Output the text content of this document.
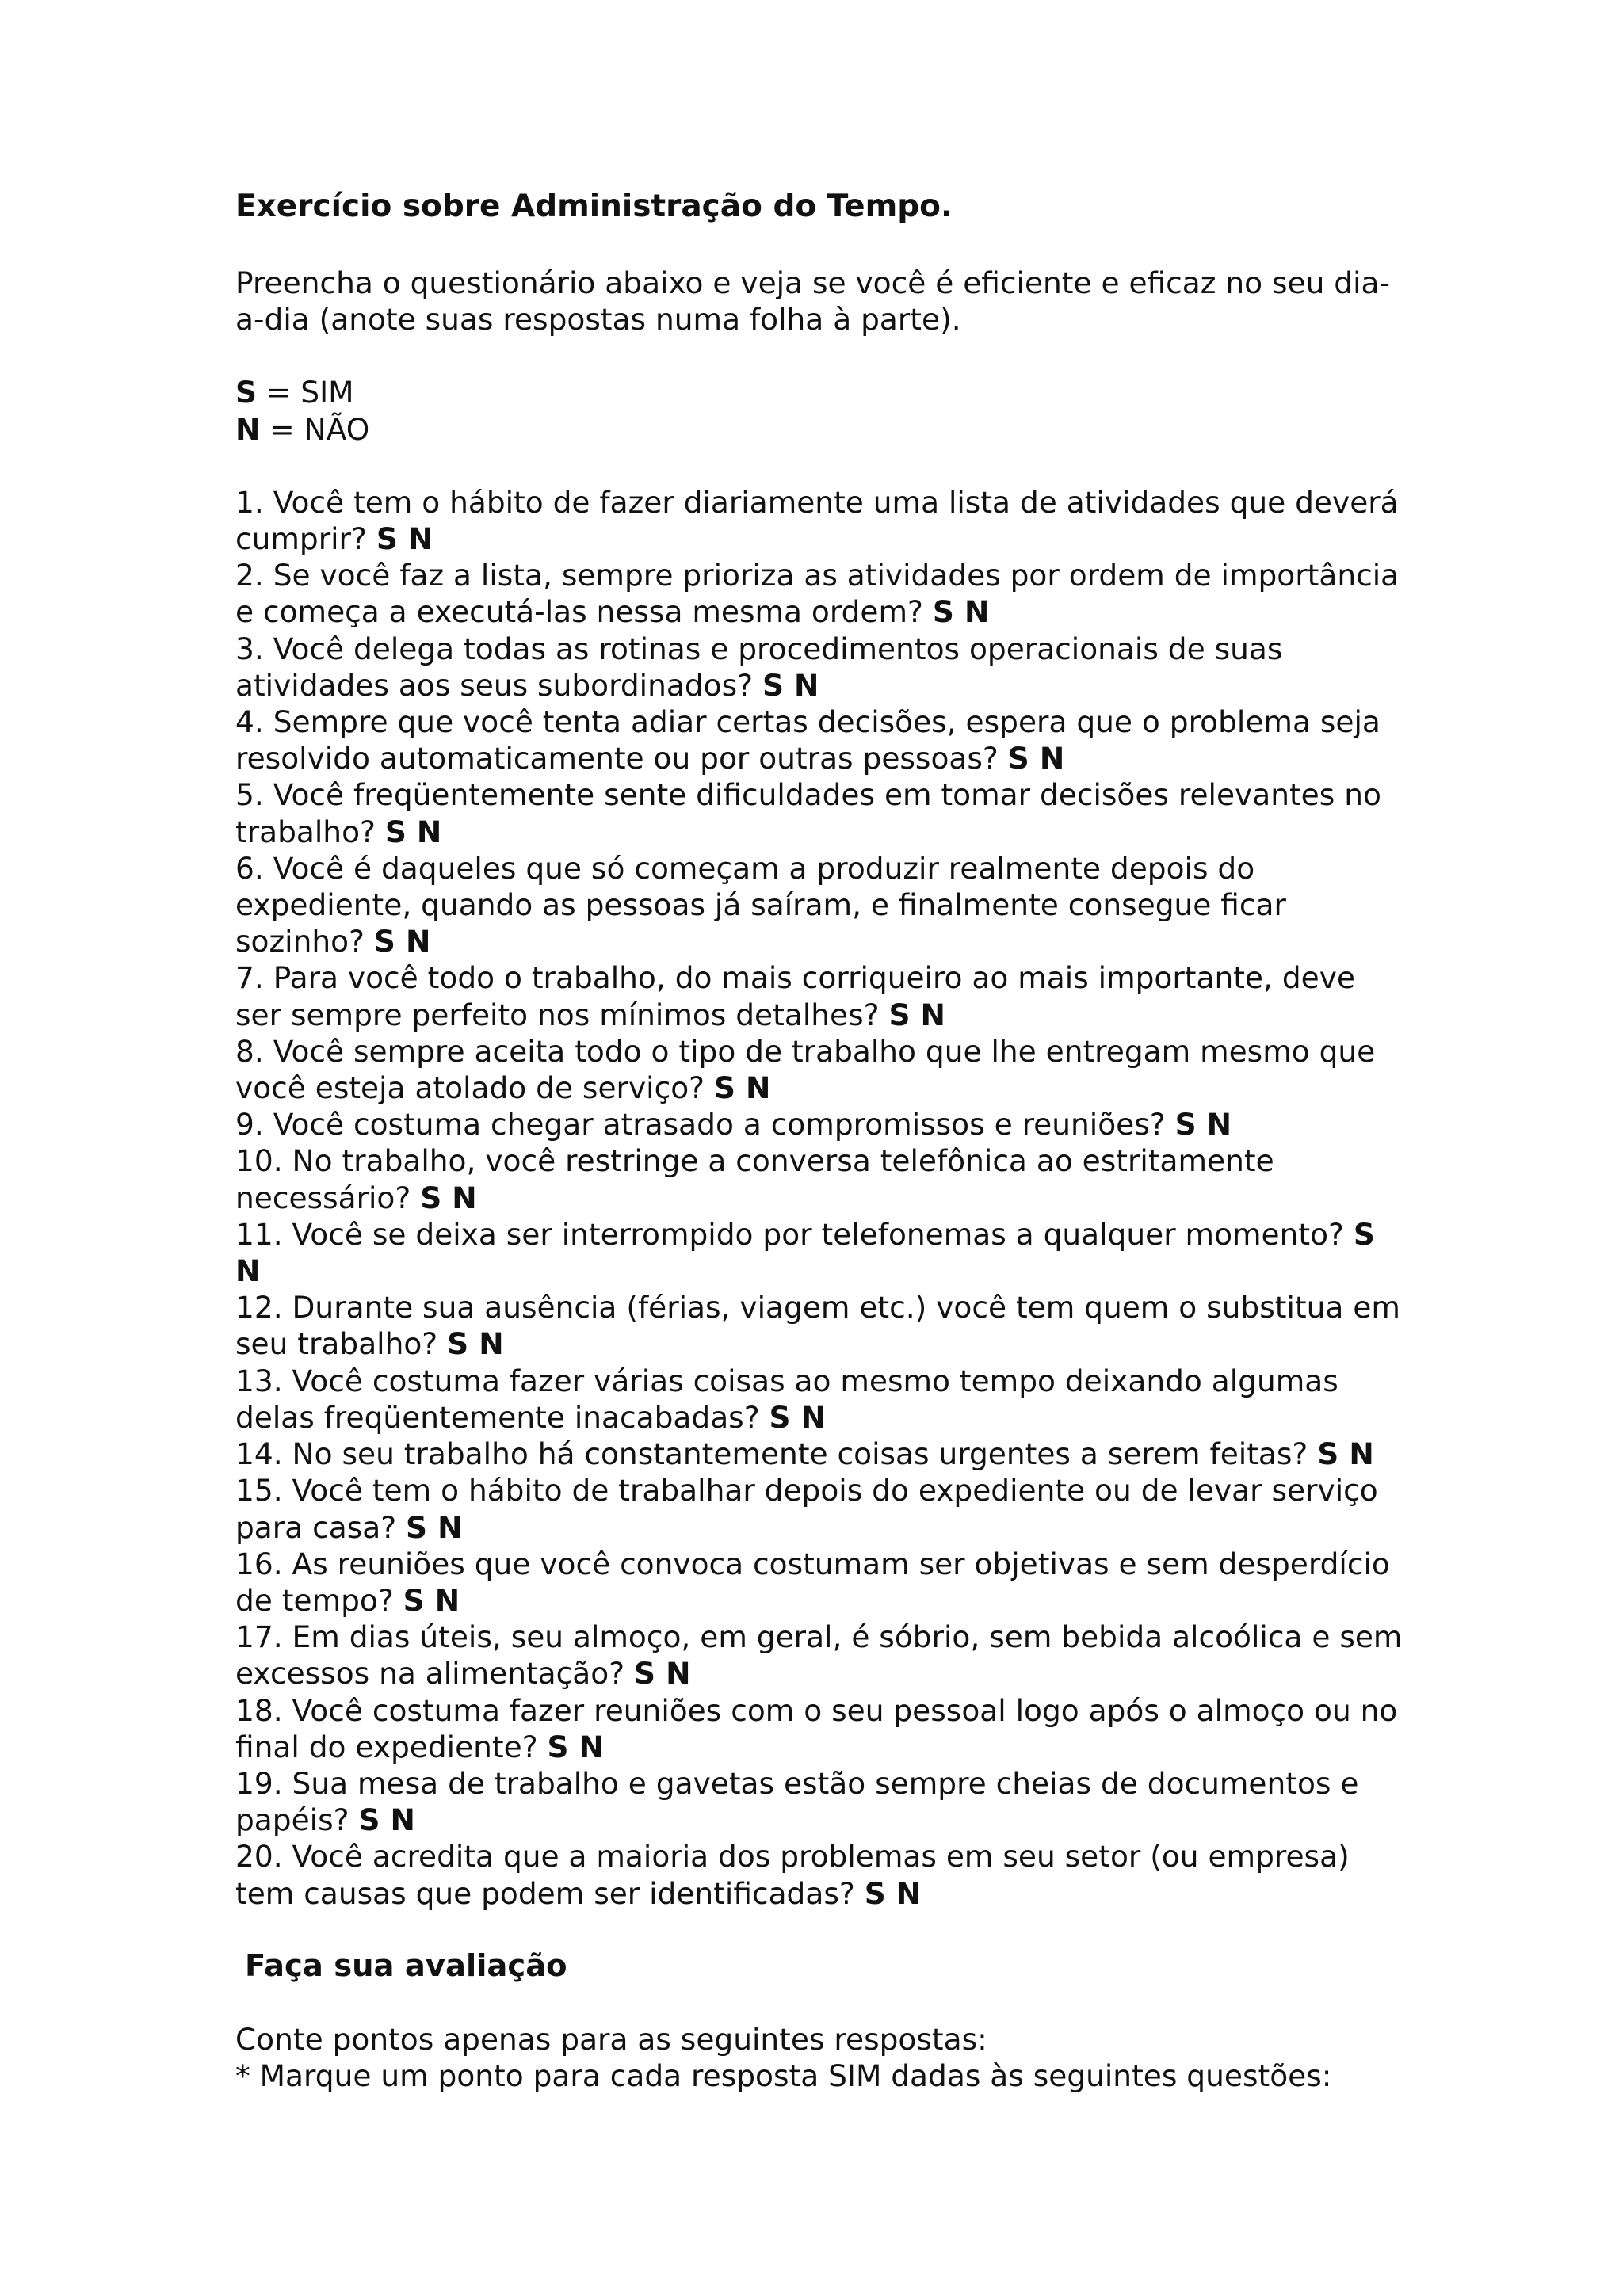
Exercício sobre Administração do Tempo.

Preencha o questionário abaixo e veja se você é eficiente e eficaz no seu dia-a-dia (anote suas respostas numa folha à parte).

S = SIM
N = NÃO
1. Você tem o hábito de fazer diariamente uma lista de atividades que deverá cumprir? S N
2. Se você faz a lista, sempre prioriza as atividades por ordem de importância e começa a executá-las nessa mesma ordem? S N
3. Você delega todas as rotinas e procedimentos operacionais de suas atividades aos seus subordinados? S N
4. Sempre que você tenta adiar certas decisões, espera que o problema seja resolvido automaticamente ou por outras pessoas? S N
5. Você freqüentemente sente dificuldades em tomar decisões relevantes no trabalho? S N
6. Você é daqueles que só começam a produzir realmente depois do expediente, quando as pessoas já saíram, e finalmente consegue ficar sozinho? S N
7. Para você todo o trabalho, do mais corriqueiro ao mais importante, deve ser sempre perfeito nos mínimos detalhes? S N
8. Você sempre aceita todo o tipo de trabalho que lhe entregam mesmo que você esteja atolado de serviço? S N
9. Você costuma chegar atrasado a compromissos e reuniões? S N
10. No trabalho, você restringe a conversa telefônica ao estritamente necessário? S N
11. Você se deixa ser interrompido por telefonemas a qualquer momento? S N
12. Durante sua ausência (férias, viagem etc.) você tem quem o substitua em seu trabalho? S N
13. Você costuma fazer várias coisas ao mesmo tempo deixando algumas delas freqüentemente inacabadas? S N
14. No seu trabalho há constantemente coisas urgentes a serem feitas? S N
15. Você tem o hábito de trabalhar depois do expediente ou de levar serviço para casa? S N
16. As reuniões que você convoca costumam ser objetivas e sem desperdício de tempo? S N
17. Em dias úteis, seu almoço, em geral, é sóbrio, sem bebida alcoólica e sem excessos na alimentação? S N
18. Você costuma fazer reuniões com o seu pessoal logo após o almoço ou no final do expediente? S N
19. Sua mesa de trabalho e gavetas estão sempre cheias de documentos e papéis? S N
20. Você acredita que a maioria dos problemas em seu setor (ou empresa) tem causas que podem ser identificadas? S N
Faça sua avaliação
Conte pontos apenas para as seguintes respostas:
* Marque um ponto para cada resposta SIM dadas às seguintes questões:
